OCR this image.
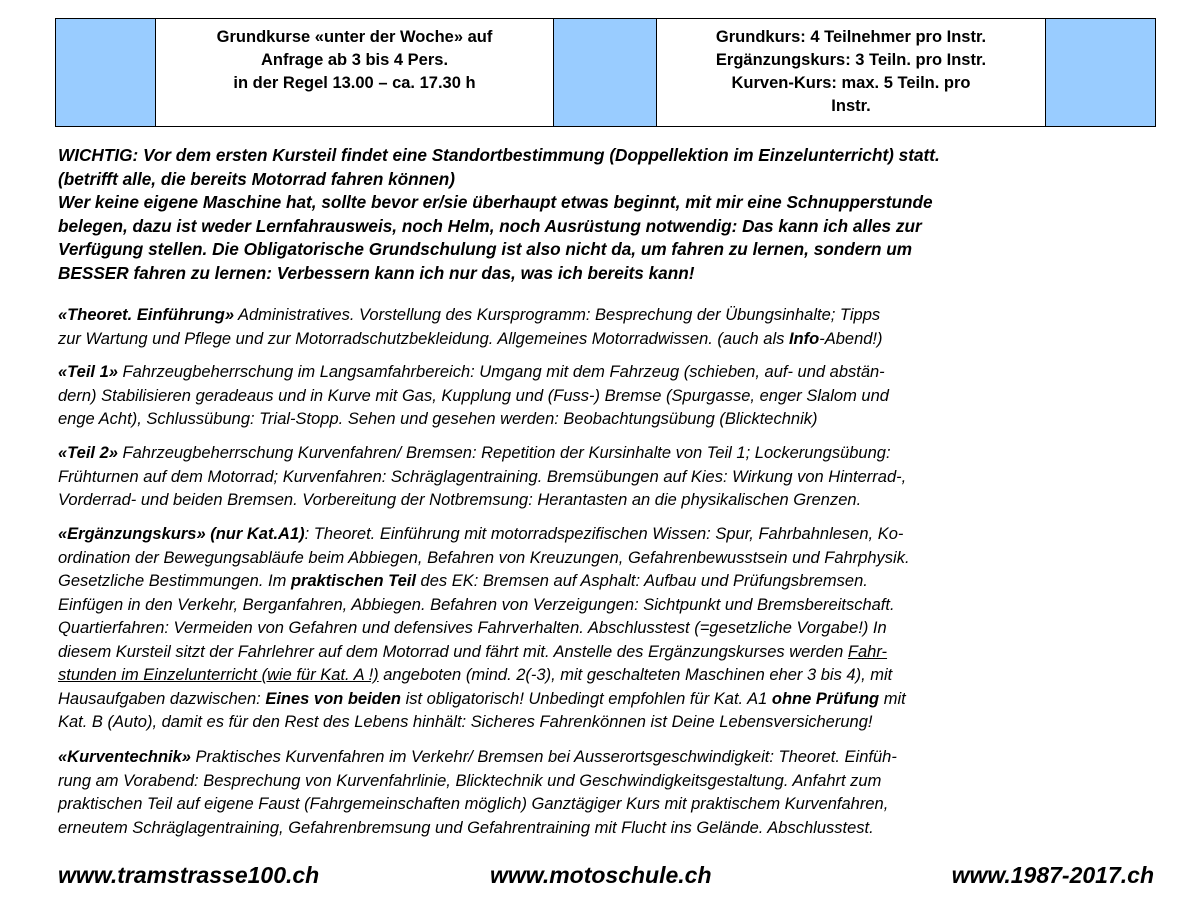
Grundkurse «unter der Woche» auf
Anfrage ab 3 bis 4 Pers.
in der Regel 13.00 – ca. 17.30 h

Grundkurs: 4 Teilnehmer pro Instr.
Ergänzungskurs: 3 Teiln. pro Instr.
Kurven-Kurs: max. 5 Teiln. pro
Instr.

WICHTIG: Vor dem ersten Kursteil findet eine Standortbestimmung (Doppellektion im Einzelunterricht) statt.
(betrifft alle, die bereits Motorrad fahren können)
Wer keine eigene Maschine hat, sollte bevor er/sie überhaupt etwas beginnt, mit mir eine Schnupperstunde
belegen, dazu ist weder Lernfahrausweis, noch Helm, noch Ausrüstung notwendig: Das kann ich alles zur
Verfügung stellen. Die Obligatorische Grundschulung ist also nicht da, um fahren zu lernen, sondern um
BESSER fahren zu lernen: Verbessern kann ich nur das, was ich bereits kann!
«Theoret. Einführung» Administratives. Vorstellung des Kursprogramm: Besprechung der Übungsinhalte; Tipps
zur Wartung und Pflege und zur Motorradschutzbekleidung. Allgemeines Motorradwissen. (auch als Info-Abend!)
«Teil 1» Fahrzeugbeherrschung im Langsamfahrbereich: Umgang mit dem Fahrzeug (schieben, auf- und abstän-
dern) Stabilisieren geradeaus und in Kurve mit Gas, Kupplung und (Fuss-) Bremse (Spurgasse, enger Slalom und
enge Acht), Schlussübung: Trial-Stopp. Sehen und gesehen werden: Beobachtungsübung (Blicktechnik)
«Teil 2» Fahrzeugbeherrschung Kurvenfahren/ Bremsen: Repetition der Kursinhalte von Teil 1; Lockerungsübung:
Frühturnen auf dem Motorrad; Kurvenfahren: Schräglagentraining. Bremsübungen auf Kies: Wirkung von Hinterrad-,
Vorderrad- und beiden Bremsen. Vorbereitung der Notbremsung: Herantasten an die physikalischen Grenzen.
«Ergänzungskurs» (nur Kat.A1): Theoret. Einführung mit motorradspezifischen Wissen: Spur, Fahrbahnlesen, Ko-
ordination der Bewegungsabläufe beim Abbiegen, Befahren von Kreuzungen, Gefahrenbewusstsein und Fahrphysik.
Gesetzliche Bestimmungen. Im praktischen Teil des EK: Bremsen auf Asphalt: Aufbau und Prüfungsbremsen.
Einfügen in den Verkehr, Berganfahren, Abbiegen. Befahren von Verzeigungen: Sichtpunkt und Bremsbereitschaft.
Quartierfahren: Vermeiden von Gefahren und defensives Fahrverhalten. Abschlusstest (=gesetzliche Vorgabe!) In
diesem Kursteil sitzt der Fahrlehrer auf dem Motorrad und fährt mit. Anstelle des Ergänzungskurses werden Fahr-
stunden im Einzelunterricht (wie für Kat. A !) angeboten (mind. 2(-3), mit geschalteten Maschinen eher 3 bis 4), mit
Hausaufgaben dazwischen: Eines von beiden ist obligatorisch! Unbedingt empfohlen für Kat. A1 ohne Prüfung mit
Kat. B (Auto), damit es für den Rest des Lebens hinhält: Sicheres Fahrenkönnen ist Deine Lebensversicherung!
«Kurventechnik» Praktisches Kurvenfahren im Verkehr/ Bremsen bei Ausserortsgeschwindigkeit: Theoret. Einfüh-
rung am Vorabend: Besprechung von Kurvenfahrlinie, Blicktechnik und Geschwindigkeitsgestaltung. Anfahrt zum
praktischen Teil auf eigene Faust (Fahrgemeinschaften möglich) Ganztägiger Kurs mit praktischem Kurvenfahren,
erneutem Schräglagentraining, Gefahrenbremsung und Gefahrentraining mit Flucht ins Gelände. Abschlusstest.
www.tramstrasse100.ch	www.motoschule.ch	www.1987-2017.ch
